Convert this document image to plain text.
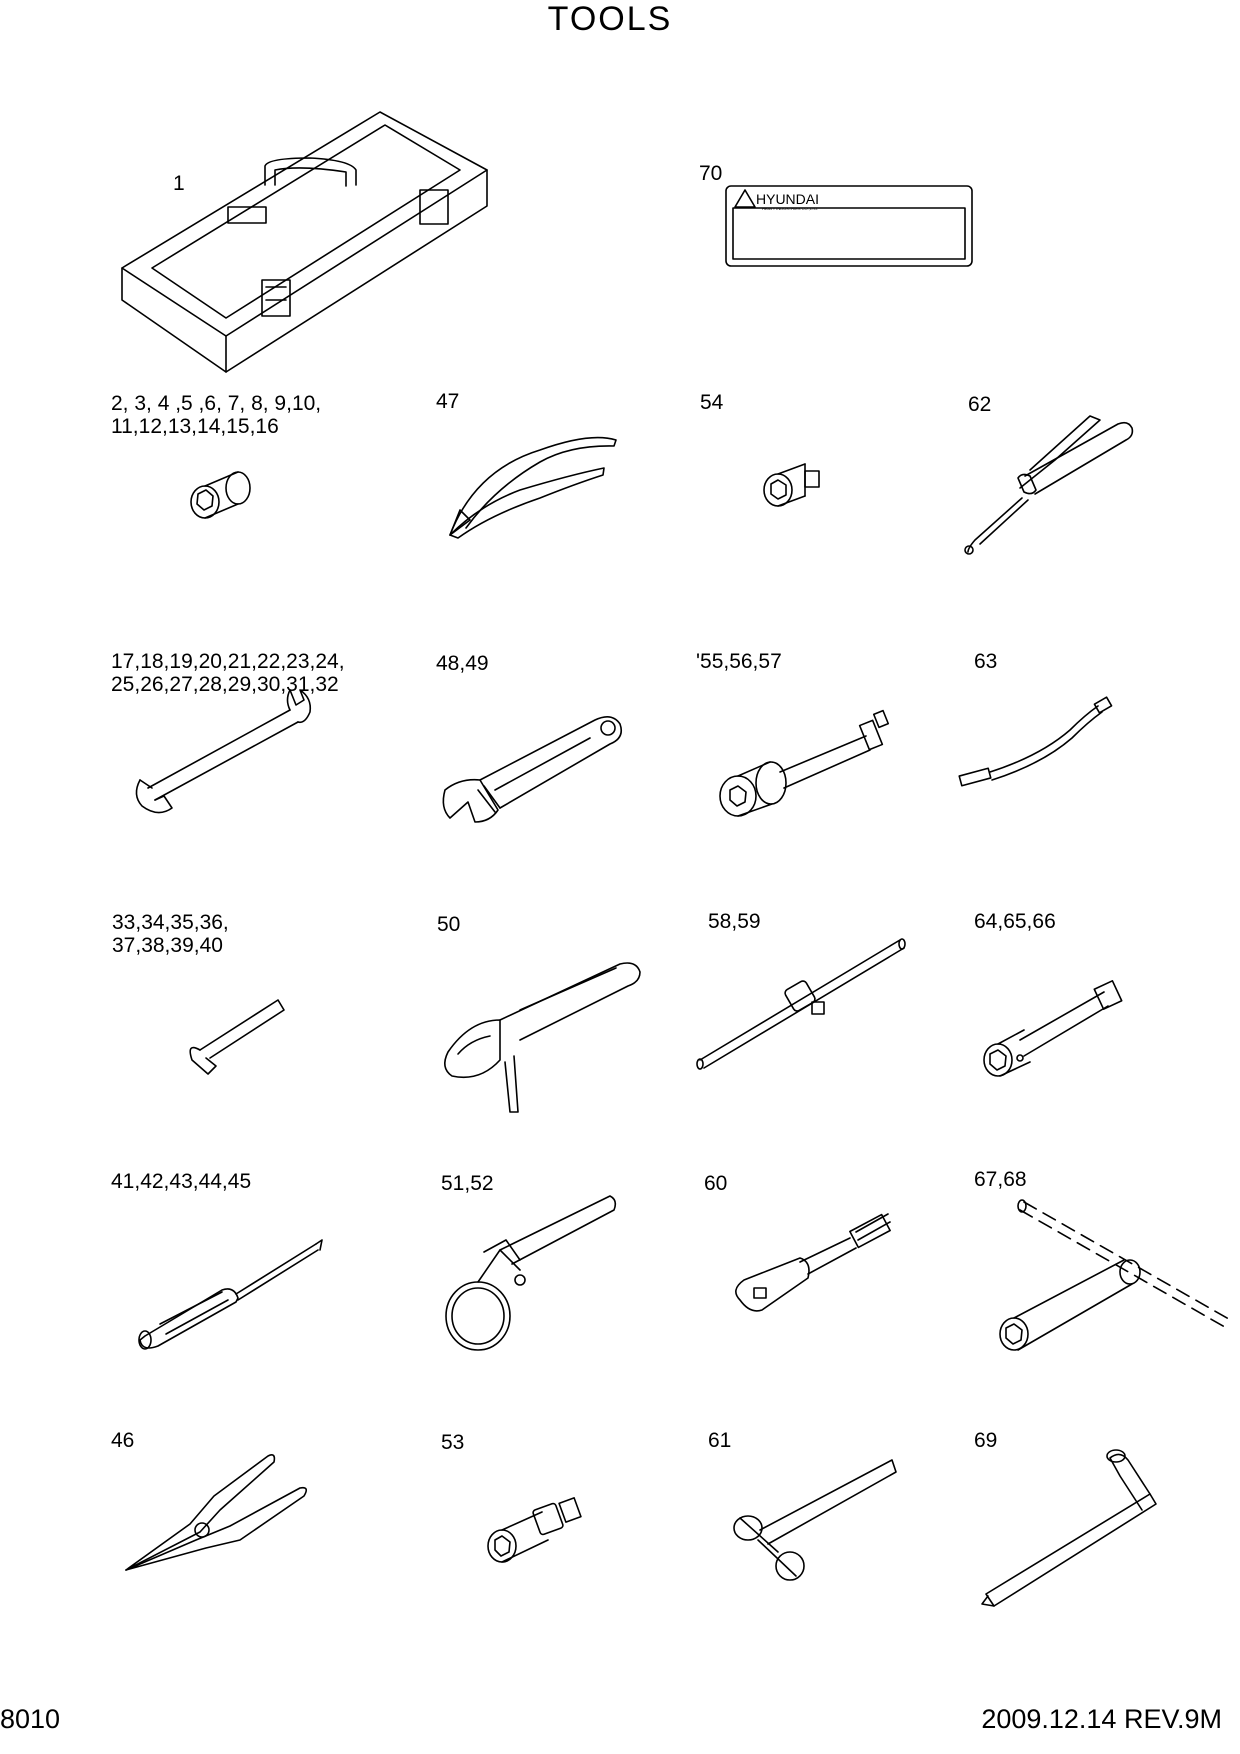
TOOLS
1	70
2, 3, 4 ,5 ,6, 7, 8, 9,10,
11,12,13,14,15,16
47	54	62
17,18,19,20,21,22,23,24,
25,26,27,28,29,30,31,32
48,49	'55,56,57	63
33,34,35,36,
37,38,39,40
50	58,59	64,65,66
41,42,43,44,45	51,52	60	67,68
46	53	61	69
HYUNDAI
HEAVY INDUSTRIES CO.,LTD.
8010	2009.12.14 REV.9M
